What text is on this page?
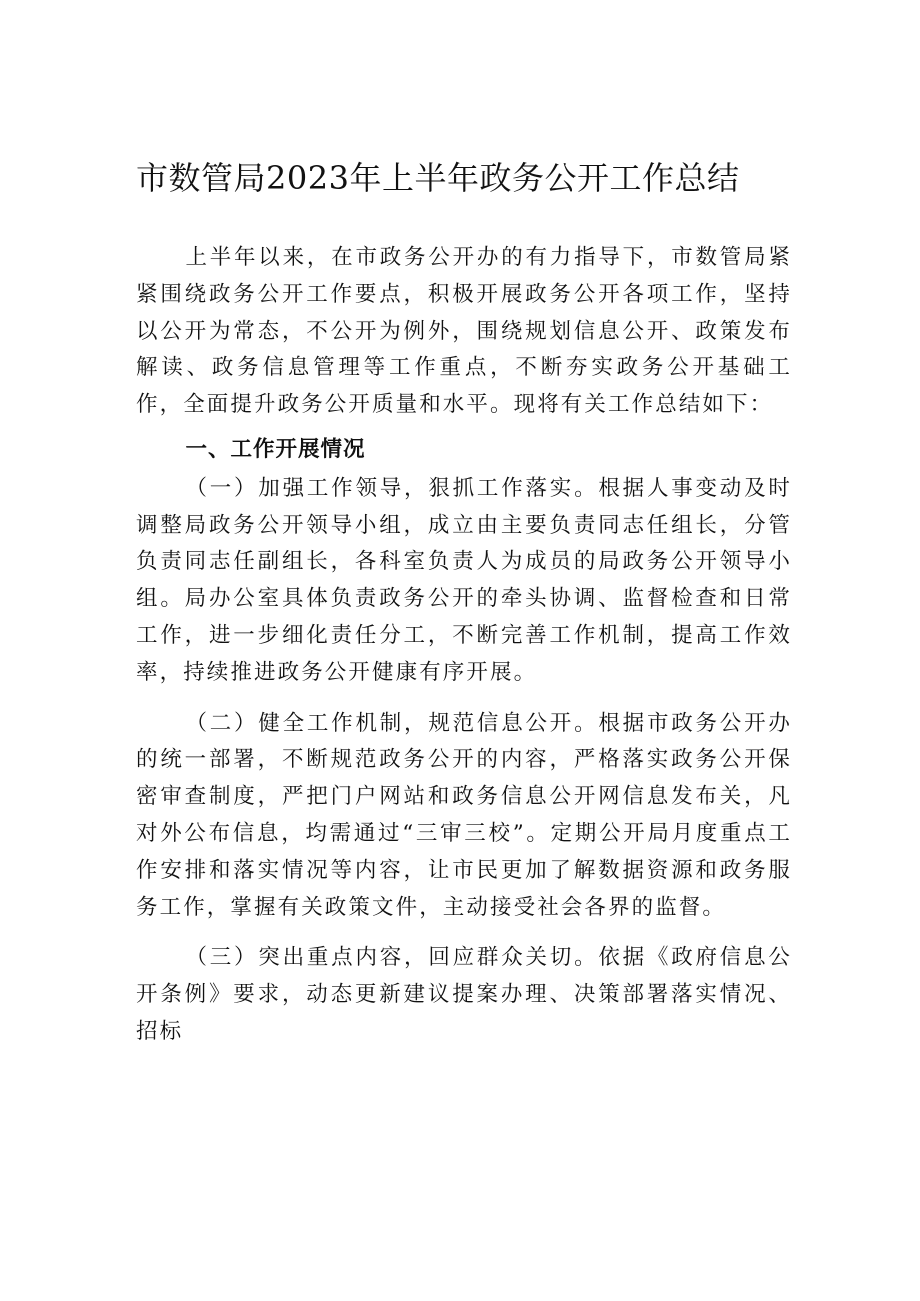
市数管局2023年上半年政务公开工作总结

上半年以来，在市政务公开办的有力指导下，市数管局紧紧围绕政务公开工作要点，积极开展政务公开各项工作，坚持以公开为常态，不公开为例外，围绕规划信息公开、政策发布解读、政务信息管理等工作重点，不断夯实政务公开基础工作，全面提升政务公开质量和水平。现将有关工作总结如下：

一、工作开展情况

（一）加强工作领导，狠抓工作落实。根据人事变动及时调整局政务公开领导小组，成立由主要负责同志任组长，分管负责同志任副组长，各科室负责人为成员的局政务公开领导小组。局办公室具体负责政务公开的牵头协调、监督检查和日常工作，进一步细化责任分工，不断完善工作机制，提高工作效率，持续推进政务公开健康有序开展。

（二）健全工作机制，规范信息公开。根据市政务公开办的统一部署，不断规范政务公开的内容，严格落实政务公开保密审查制度，严把门户网站和政务信息公开网信息发布关，凡对外公布信息，均需通过“三审三校”。定期公开局月度重点工作安排和落实情况等内容，让市民更加了解数据资源和政务服务工作，掌握有关政策文件，主动接受社会各界的监督。

（三）突出重点内容，回应群众关切。依据《政府信息公开条例》要求，动态更新建议提案办理、决策部署落实情况、招标
